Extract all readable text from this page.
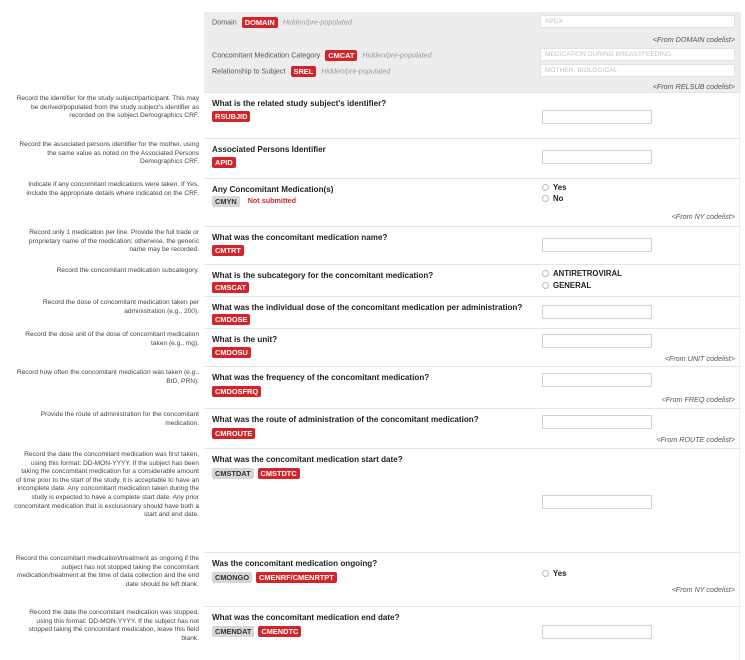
Domain DOMAIN Hidden/pre-populated	APDX
<From DOMAIN codelist>
Concomitant Medication Category CMCAT Hidden/pre-populated	MEDICATION DURING BREASTFEEDING
Relationship to Subject SREL Hidden/pre-populated	MOTHER, BIOLOGICAL
<From RELSUB codelist>
Record the identifier for the study subject/participant. This may be derived/populated from the study subject's identifier as recorded on the subject Demographics CRF.
What is the related study subject's identifier?
RSUBJID
Record the associated persons identifier for the mother, using the same value as noted on the Associated Persons Demographics CRF.
Associated Persons Identifier
APID
Indicate if any concomitant medications were taken. If Yes, include the appropriate details where indicated on the CRF. Any Concomitant Medication(s)
CMYN Not submitted
Yes
No
<From NY codelist>
Record only 1 medication per line. Provide the full trade or proprietary name of the medication; otherwise, the generic name may be recorded.
What was the concomitant medication name?
CMTRT
Record the concomitant medication subcategory.
What is the subcategory for the concomitant medication?
CMSCAT
ANTIRETROVIRAL
GENERAL
Record the dose of concomitant medication taken per administration (e.g., 200). What was the individual dose of the concomitant medication per administration?
CMDOSE
Record the dose unit of the dose of concomitant medication taken (e.g., mg). What is the unit?
CMDOSU
<From UNIT codelist>
Record how often the concomitant medication was taken (e.g., BID, PRN). What was the frequency of the concomitant medication?
CMDOSFRQ
<From FREQ codelist>
Provide the route of administration for the concomitant medication. What was the route of administration of the concomitant medication?
CMROUTE
<From ROUTE codelist>
Record the date the concomitant medication was first taken, using this format: DD-MON-YYYY. If the subject has been taking the concomitant medication for a considerable amount of time prior to the start of the study, it is acceptable to have an incomplete date. Any concomitant medication taken during the study is expected to have a complete start date. Any prior concomitant medication that is exclusionary should have both a start and end date.
What was the concomitant medication start date?
CMSTDAT CMSTDTC
Record the concomitant medication/treatment as ongoing if the subject has not stopped taking the concomitant medication/treatment at the time of data collection and the end date should be left blank.
Was the concomitant medication ongoing?
CMONGO CMENRF/CMENRTPT	Yes
<From NY codelist>
Record the date the concomitant medication was stopped, using this format: DD-MON-YYYY. If the subject has not stopped taking the concomitant medication, leave this field blank.
What was the concomitant medication end date?
CMENDAT CMENDTC
